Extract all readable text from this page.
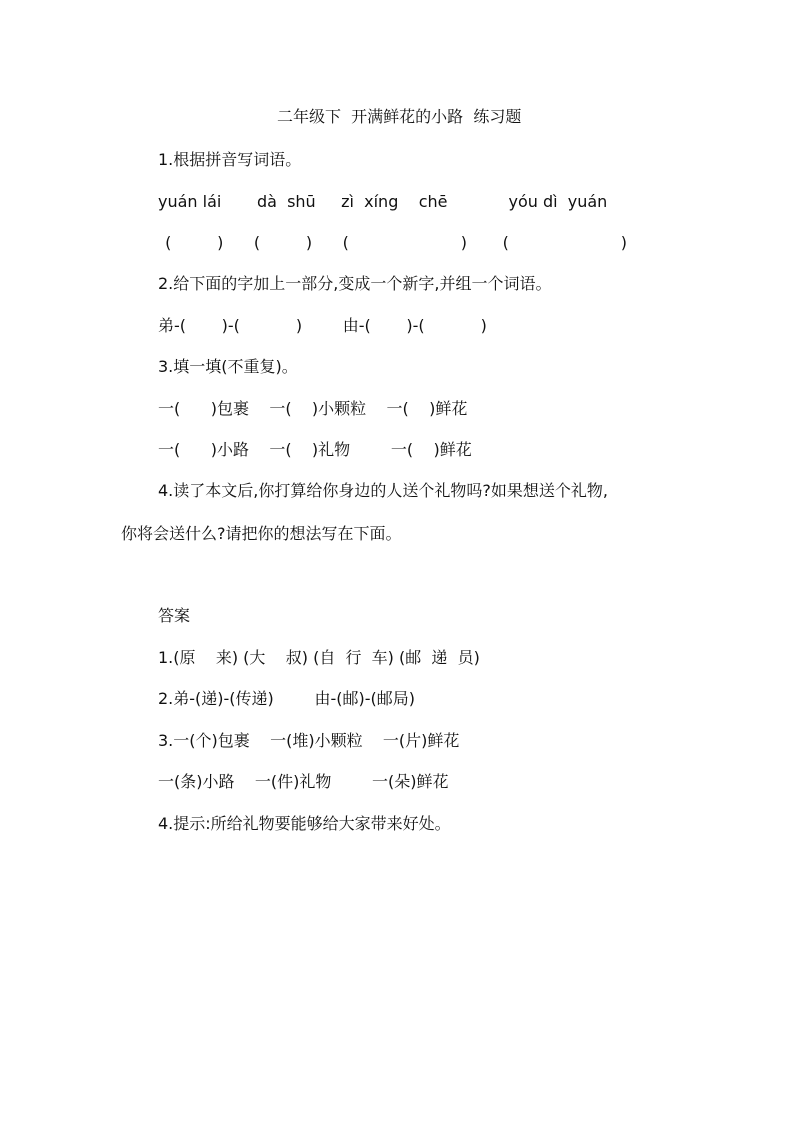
二年级下  开满鲜花的小路  练习题
1.根据拼音写词语。
yuán lái       dà  shū     zì  xíng    chē            yóu dì  yuán
(         )      (         )      (                      )       (                      )
2.给下面的字加上一部分,变成一个新字,并组一个词语。
弟-(       )-(           )        由-(       )-(           )
3.填一填(不重复)。
一(      )包裹    一(    )小颗粒    一(    )鲜花
一(      )小路    一(    )礼物        一(    )鲜花
4.读了本文后,你打算给你身边的人送个礼物吗?如果想送个礼物,
你将会送什么?请把你的想法写在下面。
答案
1.(原    来) (大    叔) (自  行  车) (邮  递  员)
2.弟-(递)-(传递)        由-(邮)-(邮局)
3.一(个)包裹    一(堆)小颗粒    一(片)鲜花
一(条)小路    一(件)礼物        一(朵)鲜花
4.提示:所给礼物要能够给大家带来好处。
